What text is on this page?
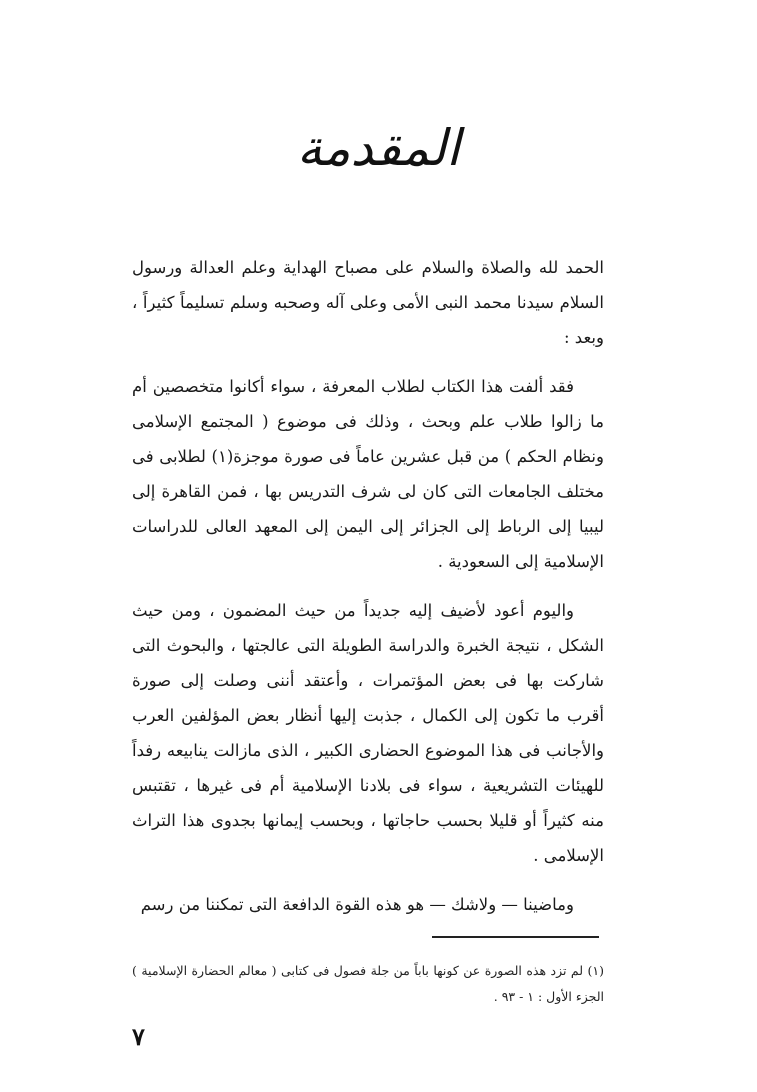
المقدمة

الحمد لله والصلاة والسلام على مصباح الهداية وعلم العدالة ورسول السلام سيدنا محمد النبى الأمى وعلى آله وصحبه وسلم تسليماً كثيراً ، وبعد :

فقد ألفت هذا الكتاب لطلاب المعرفة ، سواء أكانوا متخصصين أم ما زالوا طلاب علم وبحث ، وذلك فى موضوع ( المجتمع الإسلامى ونظام الحكم ) من قبل عشرين عاماً فى صورة موجزة(١) لطلابى فى مختلف الجامعات التى كان لى شرف التدريس بها ، فمن القاهرة إلى ليبيا إلى الرباط إلى الجزائر إلى اليمن إلى المعهد العالى للدراسات الإسلامية إلى السعودية .

واليوم أعود لأضيف إليه جديداً من حيث المضمون ، ومن حيث الشكل ، نتيجة الخبرة والدراسة الطويلة التى عالجتها ، والبحوث التى شاركت بها فى بعض المؤتمرات ، وأعتقد أننى وصلت إلى صورة أقرب ما تكون إلى الكمال ، جذبت إليها أنظار بعض المؤلفين العرب والأجانب فى هذا الموضوع الحضارى الكبير ، الذى مازالت ينابيعه رفداً للهيئات التشريعية ، سواء فى بلادنا الإسلامية أم فى غيرها ، تقتبس منه كثيراً أو قليلا بحسب حاجاتها ، وبحسب إيمانها بجدوى هذا التراث الإسلامى .

وماضينا — ولاشك — هو هذه القوة الدافعة التى تمكننا من رسم

(١) لم تزد هذه الصورة عن كونها باباً من جلة فصول فى كتابى ( معالم الحضارة الإسلامية ) الجزء الأول : ١ - ٩٣ .
٧
